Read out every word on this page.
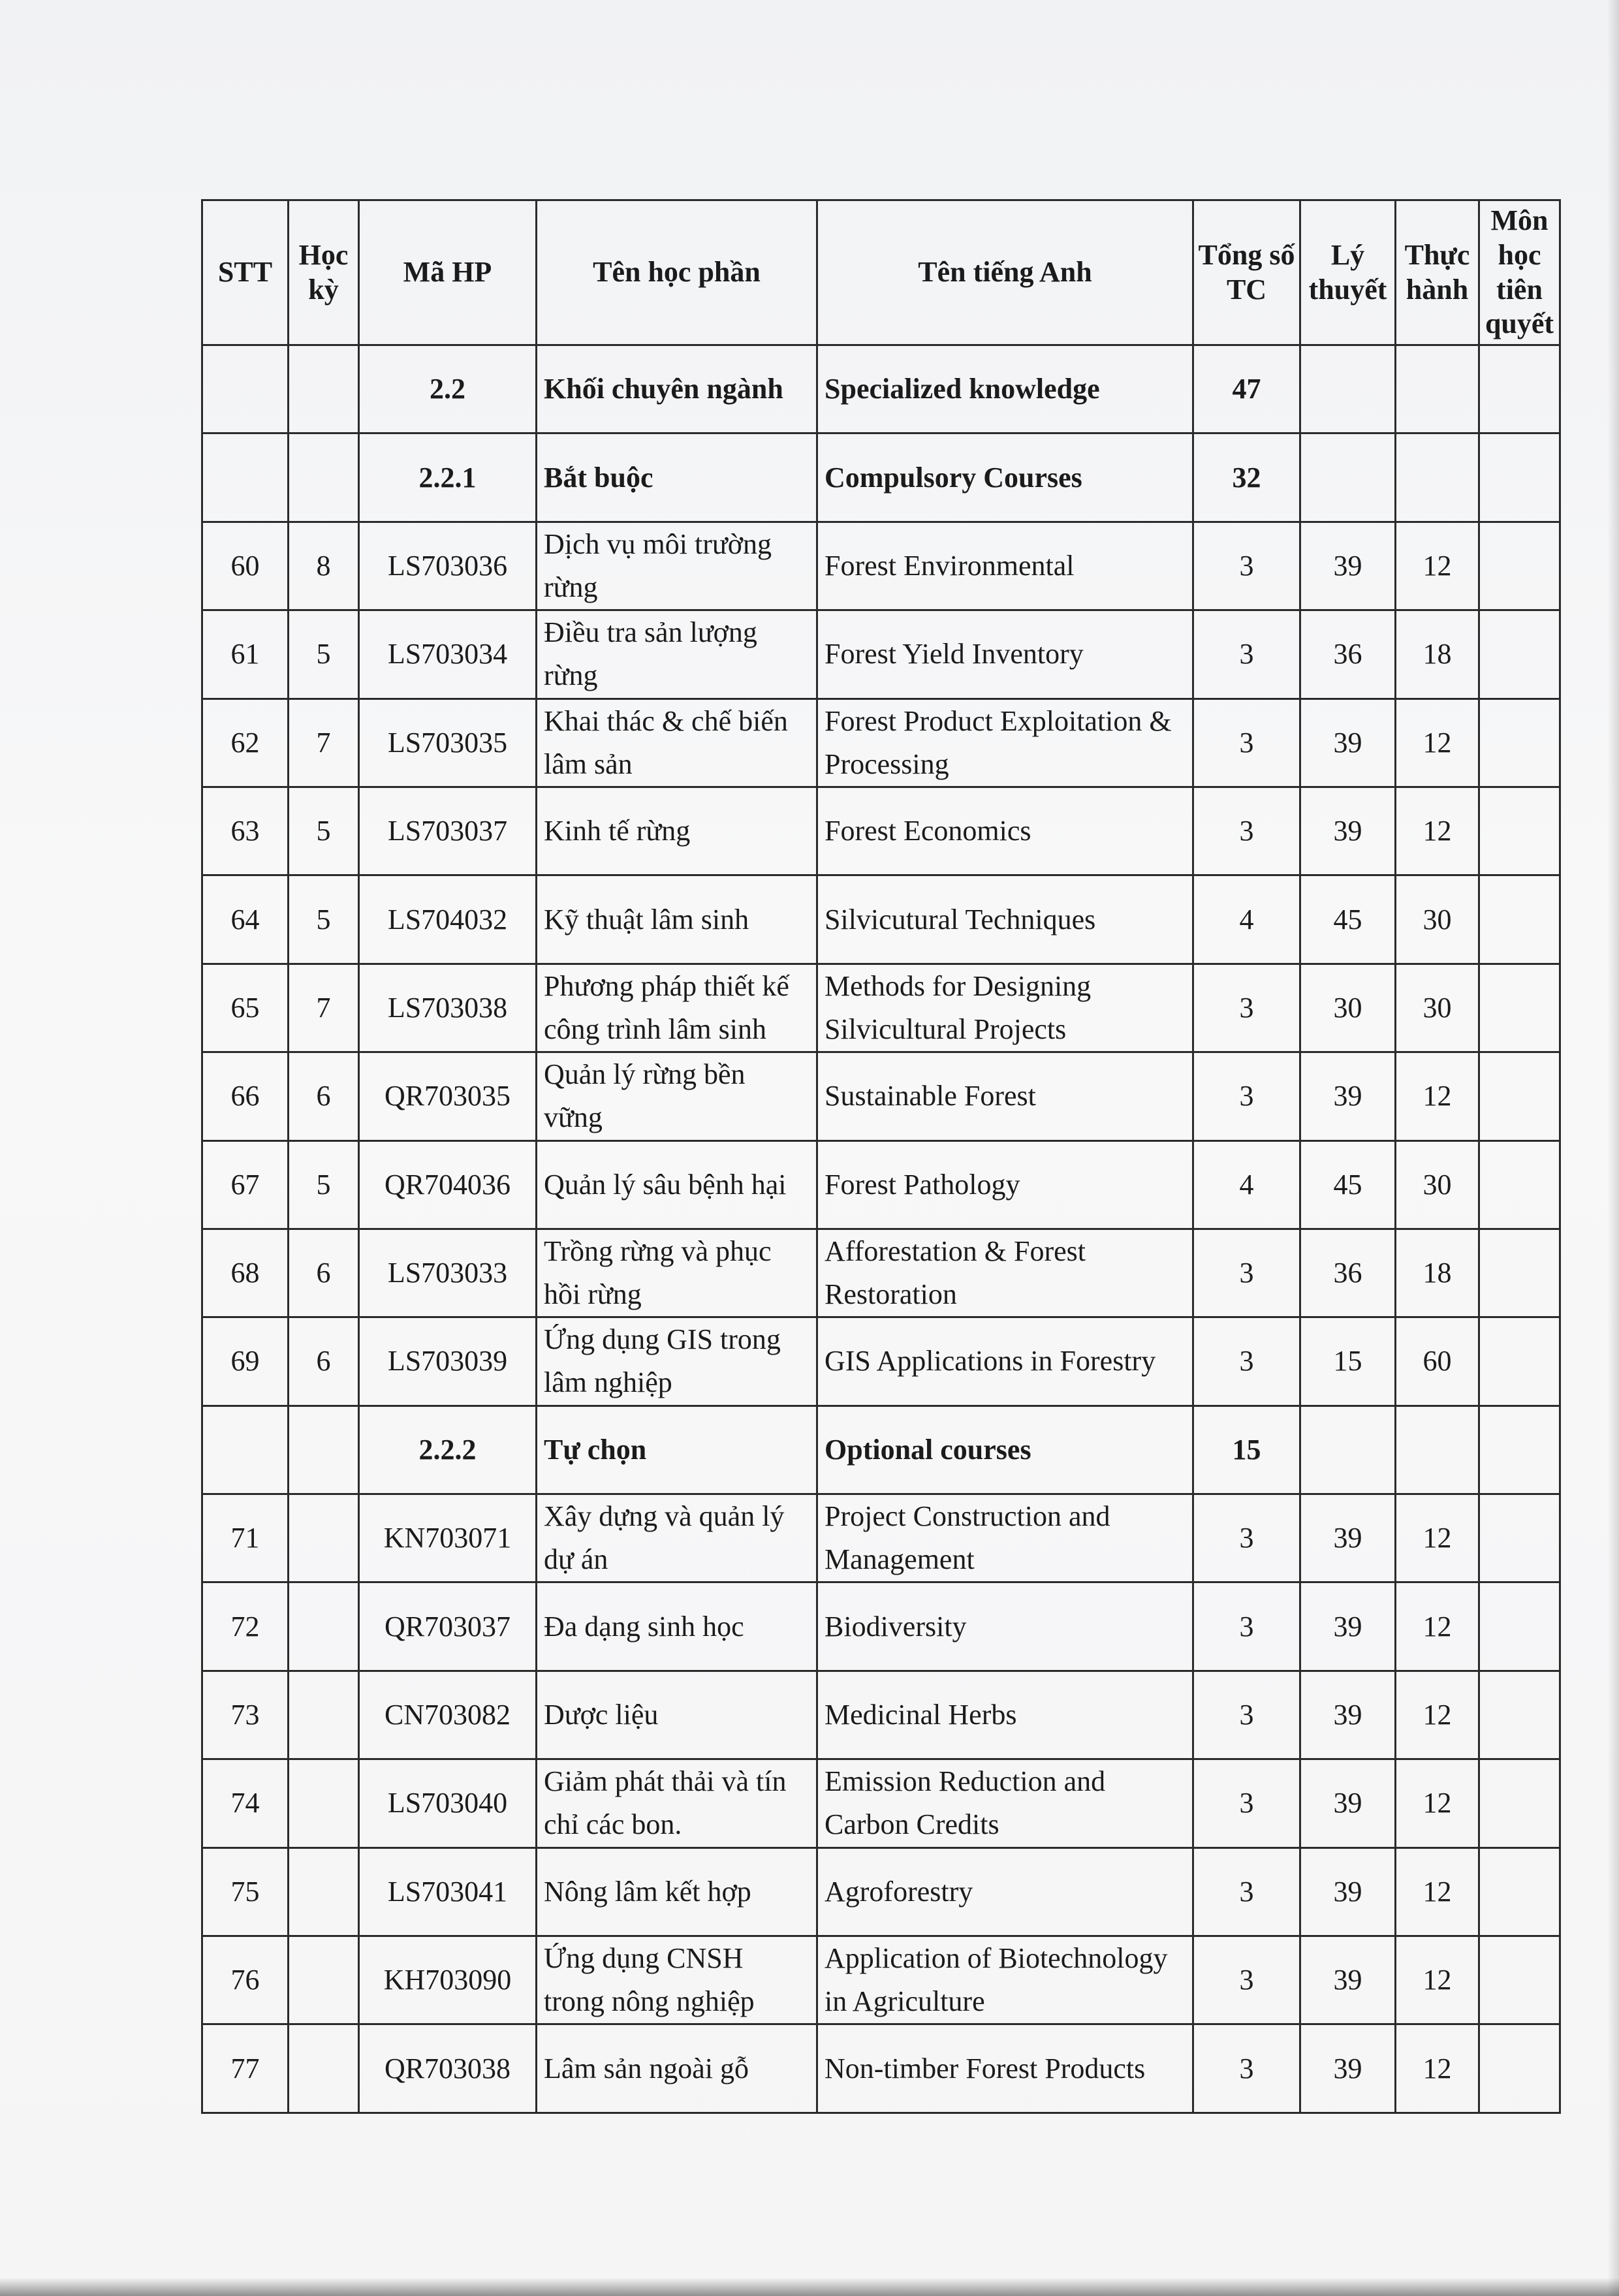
STT	Học kỳ	Mã HP	Tên học phần	Tên tiếng Anh	Tổng số TC	Lý thuyết	Thực hành	Môn học tiên quyết
		2.2	Khối chuyên ngành	Specialized knowledge	47			
		2.2.1	Bắt buộc	Compulsory Courses	32			
60	8	LS703036	Dịch vụ môi trường rừng	Forest Environmental	3	39	12	
61	5	LS703034	Điều tra sản lượng rừng	Forest Yield Inventory	3	36	18	
62	7	LS703035	Khai thác & chế biến lâm sản	Forest Product Exploitation & Processing	3	39	12	
63	5	LS703037	Kinh tế rừng	Forest Economics	3	39	12	
64	5	LS704032	Kỹ thuật lâm sinh	Silvicutural Techniques	4	45	30	
65	7	LS703038	Phương pháp thiết kế công trình lâm sinh	Methods for Designing Silvicultural Projects	3	30	30	
66	6	QR703035	Quản lý rừng bền vững	Sustainable Forest	3	39	12	
67	5	QR704036	Quản lý sâu bệnh hại	Forest Pathology	4	45	30	
68	6	LS703033	Trồng rừng và phục hồi rừng	Afforestation & Forest Restoration	3	36	18	
69	6	LS703039	Ứng dụng GIS trong lâm nghiệp	GIS Applications in Forestry	3	15	60	
		2.2.2	Tự chọn	Optional courses	15			
71		KN703071	Xây dựng và quản lý dự án	Project Construction and Management	3	39	12	
72		QR703037	Đa dạng sinh học	Biodiversity	3	39	12	
73		CN703082	Dược liệu	Medicinal Herbs	3	39	12	
74		LS703040	Giảm phát thải và tín chỉ các bon.	Emission Reduction and Carbon Credits	3	39	12	
75		LS703041	Nông lâm kết hợp	Agroforestry	3	39	12	
76		KH703090	Ứng dụng CNSH trong nông nghiệp	Application of Biotechnology in Agriculture	3	39	12	
77		QR703038	Lâm sản ngoài gỗ	Non-timber Forest Products	3	39	12	
